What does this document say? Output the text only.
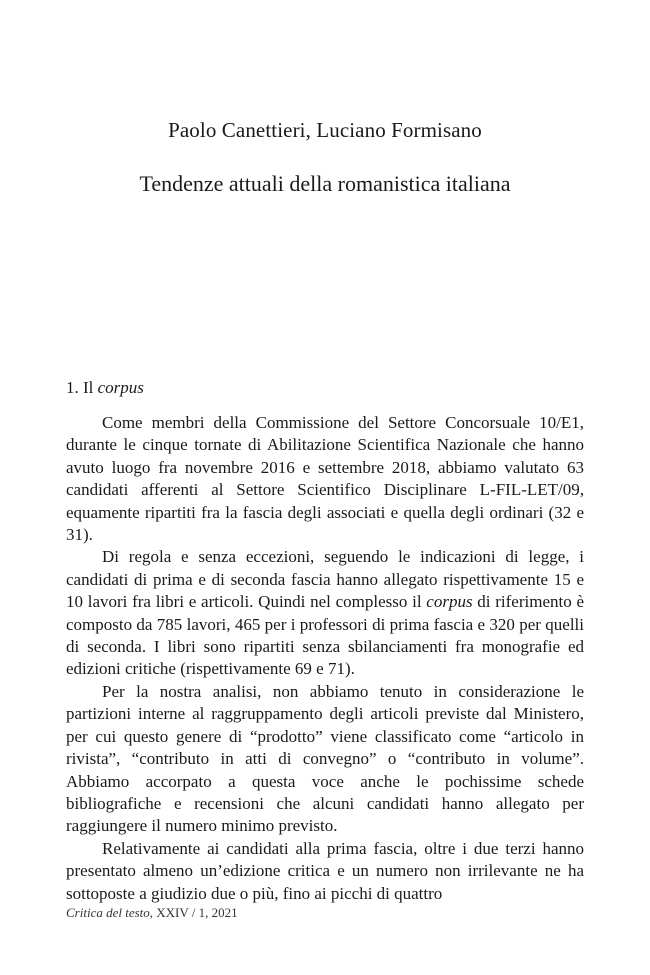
Paolo Canettieri, Luciano Formisano
Tendenze attuali della romanistica italiana
1. Il corpus

Come membri della Commissione del Settore Concorsuale 10/E1, durante le cinque tornate di Abilitazione Scientifica Nazionale che hanno avuto luogo fra novembre 2016 e settembre 2018, abbiamo valutato 63 candidati afferenti al Settore Scientifico Disciplinare L-FIL-LET/09, equamente ripartiti fra la fascia degli associati e quella degli ordinari (32 e 31).

Di regola e senza eccezioni, seguendo le indicazioni di legge, i candidati di prima e di seconda fascia hanno allegato rispettivamente 15 e 10 lavori fra libri e articoli. Quindi nel complesso il corpus di riferimento è composto da 785 lavori, 465 per i professori di prima fascia e 320 per quelli di seconda. I libri sono ripartiti senza sbilanciamenti fra monografie ed edizioni critiche (rispettivamente 69 e 71).

Per la nostra analisi, non abbiamo tenuto in considerazione le partizioni interne al raggruppamento degli articoli previste dal Ministero, per cui questo genere di “prodotto” viene classificato come “articolo in rivista”, “contributo in atti di convegno” o “contributo in volume”. Abbiamo accorpato a questa voce anche le pochissime schede bibliografiche e recensioni che alcuni candidati hanno allegato per raggiungere il numero minimo previsto.

Relativamente ai candidati alla prima fascia, oltre i due terzi hanno presentato almeno un’edizione critica e un numero non irrilevante ne ha sottoposte a giudizio due o più, fino ai picchi di quattro

Critica del testo, XXIV / 1, 2021
